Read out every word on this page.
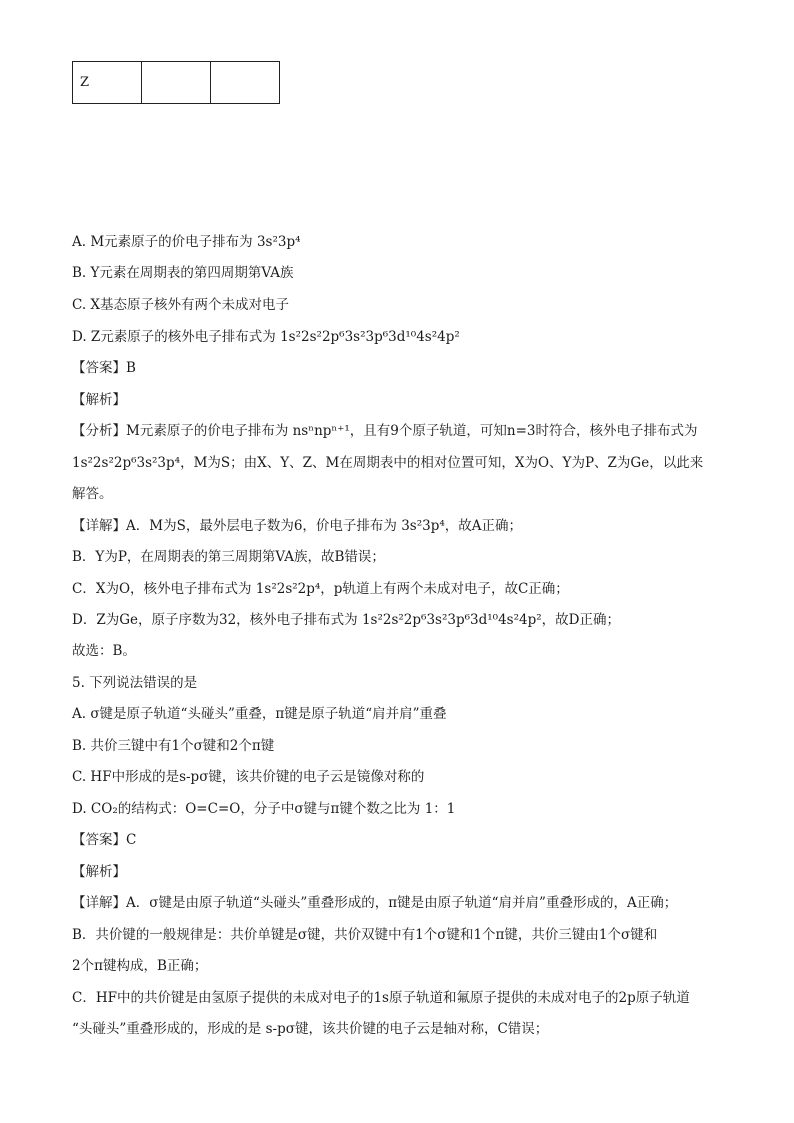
Z		
A. M元素原子的价电子排布为 3s²3p⁴
B. Y元素在周期表的第四周期第VA族
C. X基态原子核外有两个未成对电子
D. Z元素原子的核外电子排布式为 1s²2s²2p⁶3s²3p⁶3d¹⁰4s²4p²
【答案】B
【解析】
【分析】M元素原子的价电子排布为 nsⁿnpⁿ⁺¹，且有9个原子轨道，可知n=3时符合，核外电子排布式为
1s²2s²2p⁶3s²3p⁴，M为S；由X、Y、Z、M在周期表中的相对位置可知，X为O、Y为P、Z为Ge，以此来
解答。
【详解】A．M为S，最外层电子数为6，价电子排布为 3s²3p⁴，故A正确；
B．Y为P，在周期表的第三周期第VA族，故B错误；
C．X为O，核外电子排布式为 1s²2s²2p⁴，p轨道上有两个未成对电子，故C正确；
D．Z为Ge，原子序数为32，核外电子排布式为 1s²2s²2p⁶3s²3p⁶3d¹⁰4s²4p²，故D正确；
故选：B。
5. 下列说法错误的是
A. σ键是原子轨道“头碰头”重叠，π键是原子轨道“肩并肩”重叠
B. 共价三键中有1个σ键和2个π键
C. HF中形成的是s-pσ键，该共价键的电子云是镜像对称的
D. CO₂的结构式：O=C=O，分子中σ键与π键个数之比为 1：1
【答案】C
【解析】
【详解】A．σ键是由原子轨道“头碰头”重叠形成的，π键是由原子轨道“肩并肩”重叠形成的，A正确；
B．共价键的一般规律是：共价单键是σ键，共价双键中有1个σ键和1个π键，共价三键由1个σ键和
2个π键构成，B正确；
C．HF中的共价键是由氢原子提供的未成对电子的1s原子轨道和氟原子提供的未成对电子的2p原子轨道
“头碰头”重叠形成的，形成的是 s-pσ键，该共价键的电子云是轴对称，C错误；
